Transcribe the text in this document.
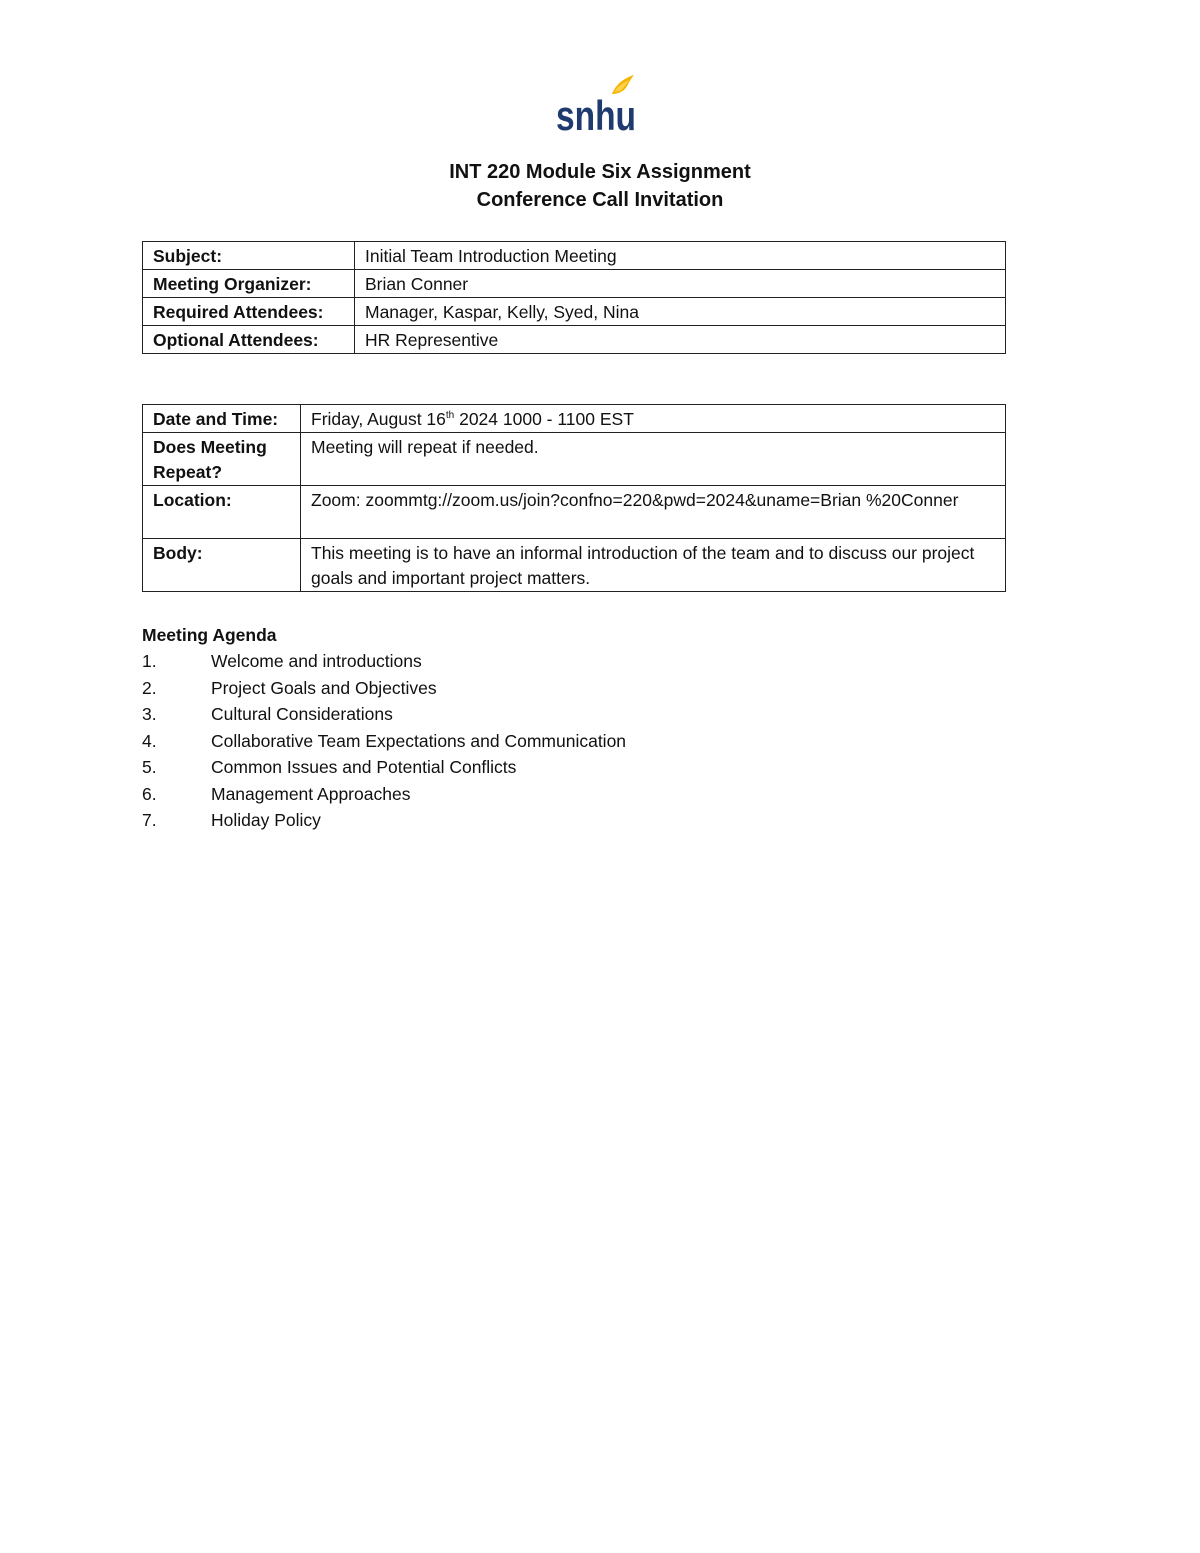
snhu
INT 220 Module Six Assignment
Conference Call Invitation
Subject:	Initial Team Introduction Meeting
Meeting Organizer:	Brian Conner
Required Attendees:	Manager, Kaspar, Kelly, Syed, Nina
Optional Attendees:	HR Representive
Date and Time:	Friday, August 16th 2024 1000 - 1100 EST
Does Meeting Repeat?	Meeting will repeat if needed.
Location:	Zoom: zoommtg://zoom.us/join?confno=220&pwd=2024&uname=Brian %20Conner
Body:	This meeting is to have an informal introduction of the team and to discuss our project goals and important project matters.

Meeting Agenda

1.	Welcome and introductions
2.	Project Goals and Objectives
3.	Cultural Considerations
4.	Collaborative Team Expectations and Communication
5.	Common Issues and Potential Conflicts
6.	Management Approaches
7.	Holiday Policy
